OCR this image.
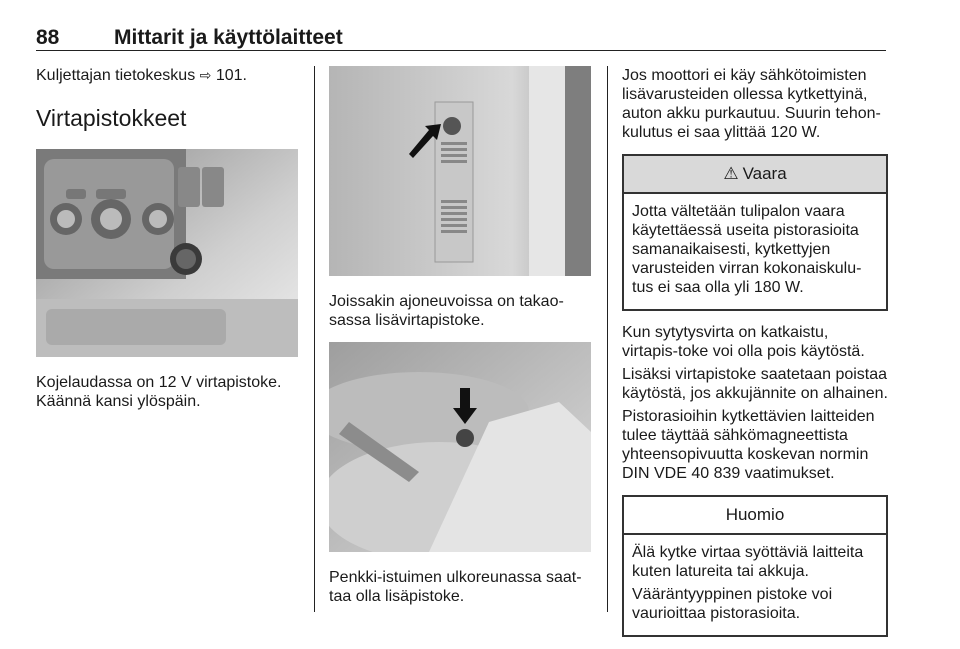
88	Mittarit ja käyttölaitteet

Kuljettajan tietokeskus ⇨ 101.

Virtapistokkeet

Kojelaudassa on 12 V virtapistoke. Käännä kansi ylöspäin.

Joissakin ajoneuvoissa on takao-
sassa lisävirtapistoke.

Penkki-istuimen ulkoreunassa saat-
taa olla lisäpistoke.

Jos moottori ei käy sähkötoimisten lisävarusteiden ollessa kytkettyinä, auton akku purkautuu. Suurin tehon-kulutus ei saa ylittää 120 W.

⚠ Vaara

Jotta vältetään tulipalon vaara käytettäessä useita pistorasioita samanaikaisesti, kytkettyjen varusteiden virran kokonaiskulu-tus ei saa olla yli 180 W.

Kun sytytysvirta on katkaistu, virtapis-toke voi olla pois käytöstä.

Lisäksi virtapistoke saatetaan poistaa käytöstä, jos akkujännite on alhainen.

Pistorasioihin kytkettävien laitteiden tulee täyttää sähkömagneettista yhteensopivuutta koskevan normin DIN VDE 40 839 vaatimukset.

Huomio

Älä kytke virtaa syöttäviä laitteita kuten latureita tai akkuja.

Vääräntyyppinen pistoke voi vaurioittaa pistorasioita.
